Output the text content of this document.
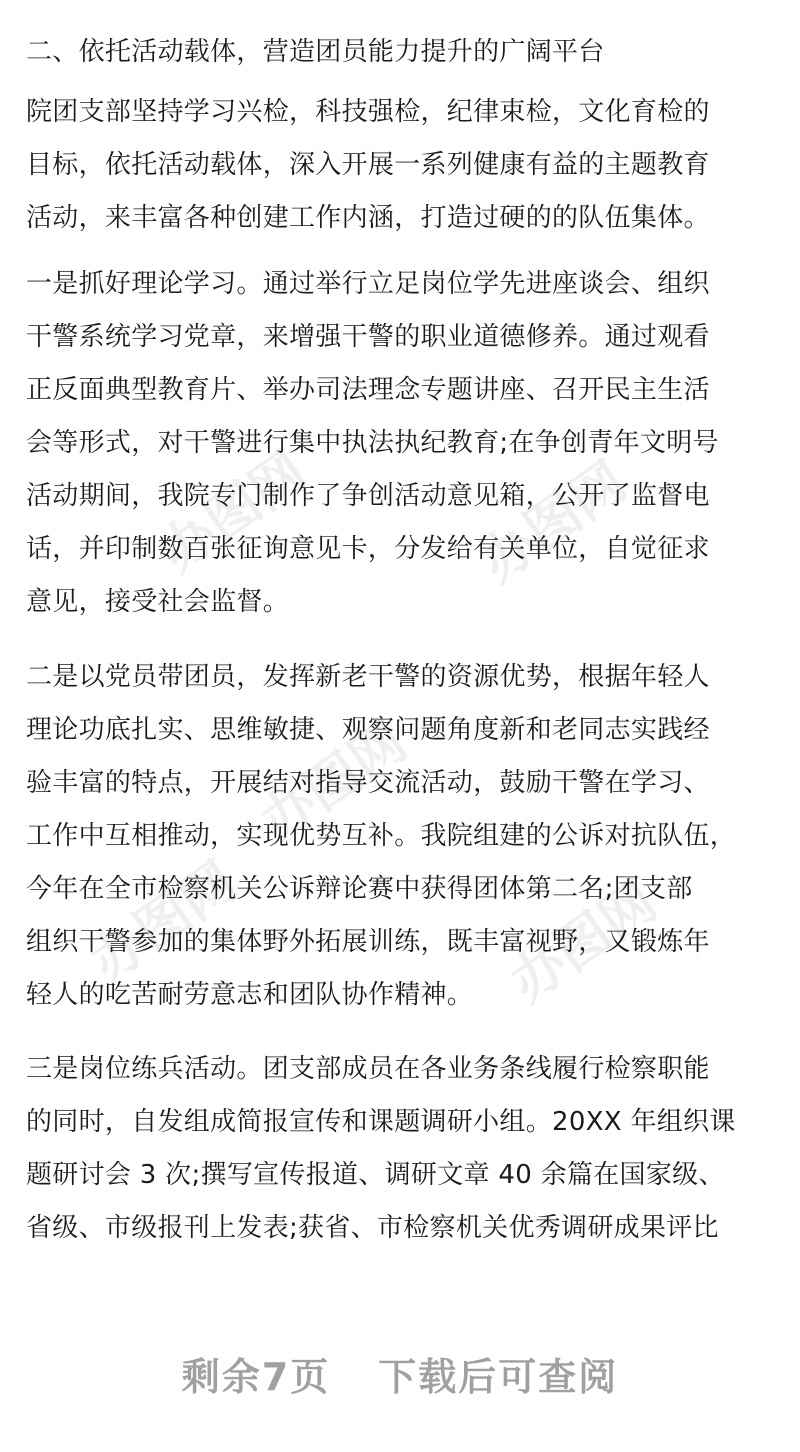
办图网	办图网
办图网
办图网	办图网
二、依托活动载体，营造团员能力提升的广阔平台
院团支部坚持学习兴检，科技强检，纪律束检，文化育检的
目标，依托活动载体，深入开展一系列健康有益的主题教育
活动，来丰富各种创建工作内涵，打造过硬的的队伍集体。
一是抓好理论学习。通过举行立足岗位学先进座谈会、组织
干警系统学习党章，来增强干警的职业道德修养。通过观看
正反面典型教育片、举办司法理念专题讲座、召开民主生活
会等形式，对干警进行集中执法执纪教育;在争创青年文明号
活动期间，我院专门制作了争创活动意见箱，公开了监督电
话，并印制数百张征询意见卡，分发给有关单位，自觉征求
意见，接受社会监督。
二是以党员带团员，发挥新老干警的资源优势，根据年轻人
理论功底扎实、思维敏捷、观察问题角度新和老同志实践经
验丰富的特点，开展结对指导交流活动，鼓励干警在学习、
工作中互相推动，实现优势互补。我院组建的公诉对抗队伍，
今年在全市检察机关公诉辩论赛中获得团体第二名;团支部
组织干警参加的集体野外拓展训练，既丰富视野，又锻炼年
轻人的吃苦耐劳意志和团队协作精神。
三是岗位练兵活动。团支部成员在各业务条线履行检察职能
的同时，自发组成简报宣传和课题调研小组。20XX 年组织课
题研讨会 3 次;撰写宣传报道、调研文章 40 余篇在国家级、
省级、市级报刊上发表;获省、市检察机关优秀调研成果评比
剩余7页 下载后可查阅
